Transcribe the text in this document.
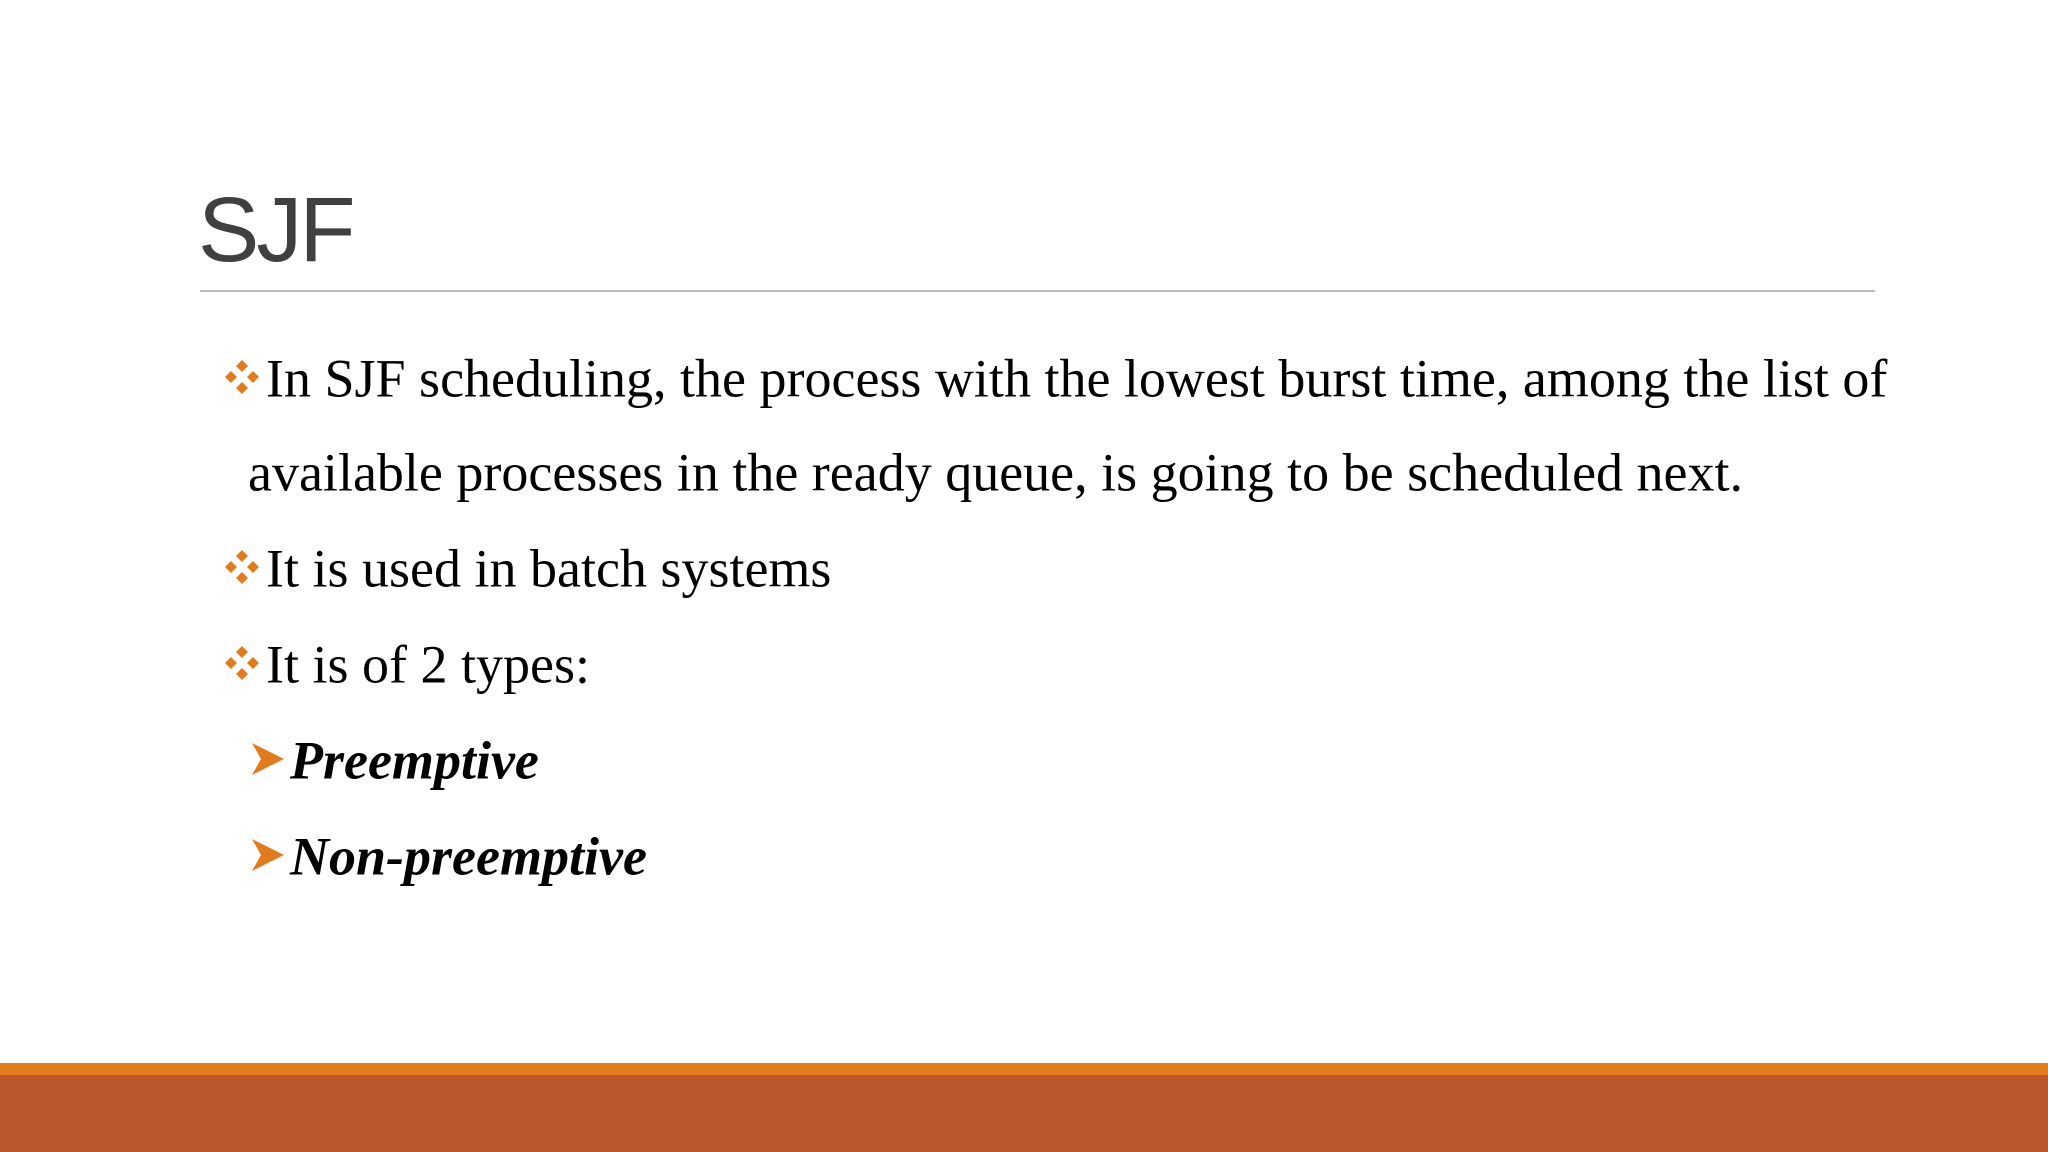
SJF
In SJF scheduling, the process with the lowest burst time, among the list of
available processes in the ready queue, is going to be scheduled next.
It is used in batch systems
It is of 2 types:
Preemptive
Non-preemptive
